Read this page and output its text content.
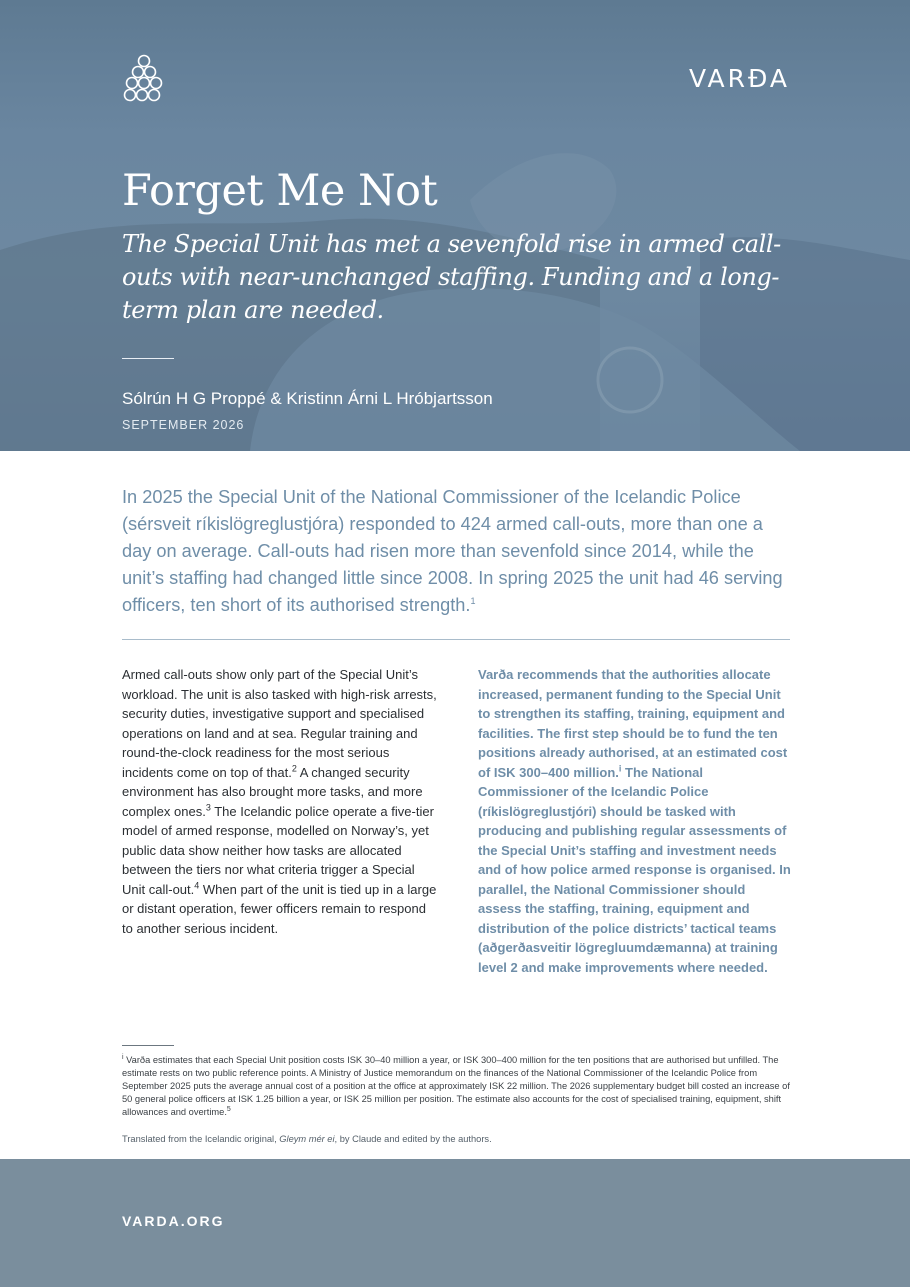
VARÐA
Forget Me Not
The Special Unit has met a sevenfold rise in armed call-outs with near-unchanged staffing. Funding and a long-term plan are needed.
Sólrún H G Proppé & Kristinn Árni L Hróbjartsson
SEPTEMBER 2026

In 2025 the Special Unit of the National Commissioner of the Icelandic Police (sérsveit ríkislögreglustjóra) responded to 424 armed call-outs, more than one a day on average. Call-outs had risen more than sevenfold since 2014, while the unit’s staffing had changed little since 2008. In spring 2025 the unit had 46 serving officers, ten short of its authorised strength.$^1$

Armed call-outs show only part of the Special Unit’s workload. The unit is also tasked with high-risk arrests, security duties, investigative support and specialised operations on land and at sea. Regular training and round-the-clock readiness for the most serious incidents come on top of that.$^2$ A changed security environment has also brought more tasks, and more complex ones.$^3$ The Icelandic police operate a five-tier model of armed response, modelled on Norway’s, yet public data show neither how tasks are allocated between the tiers nor what criteria trigger a Special Unit call-out.$^4$ When part of the unit is tied up in a large or distant operation, fewer officers remain to respond to another serious incident.

Varða recommends that the authorities allocate increased, permanent funding to the Special Unit to strengthen its staffing, training, equipment and facilities. The first step should be to fund the ten positions already authorised, at an estimated cost of ISK 300–400 million.$^i$ The National Commissioner of the Icelandic Police (ríkislögreglustjóri) should be tasked with producing and publishing regular assessments of the Special Unit’s staffing and investment needs and of how police armed response is organised. In parallel, the National Commissioner should assess the staffing, training, equipment and distribution of the police districts’ tactical teams (aðgerðasveitir lögregluumdæmanna) at training level 2 and make improvements where needed.

$^i$ Varða estimates that each Special Unit position costs ISK 30–40 million a year, or ISK 300–400 million for the ten positions that are authorised but unfilled. The estimate rests on two public reference points. A Ministry of Justice memorandum on the finances of the National Commissioner of the Icelandic Police from September 2025 puts the average annual cost of a position at the office at approximately ISK 22 million. The 2026 supplementary budget bill costed an increase of 50 general police officers at ISK 1.25 billion a year, or ISK 25 million per position. The estimate also accounts for the cost of specialised training, equipment, shift allowances and overtime.$^5$

Translated from the Icelandic original, Gleym mér ei, by Claude and edited by the authors.

VARDA.ORG
